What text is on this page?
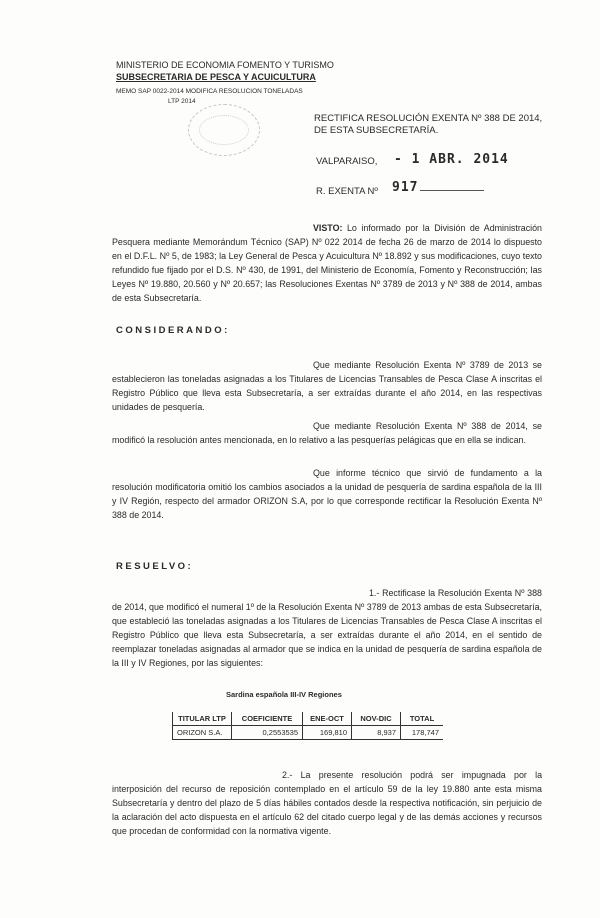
MINISTERIO DE ECONOMIA FOMENTO Y TURISMO
SUBSECRETARIA DE PESCA Y ACUICULTURA
MEMO SAP 0022-2014 MODIFICA RESOLUCION TONELADAS
LTP 2014
RECTIFICA RESOLUCIÓN EXENTA Nº 388 DE 2014, DE ESTA SUBSECRETARÍA.
VALPARAISO, - 1 ABR. 2014
R. EXENTA Nº 917
VISTO: Lo informado por la División de Administración Pesquera mediante Memorándum Técnico (SAP) Nº 022 2014 de fecha 26 de marzo de 2014 lo dispuesto en el D.F.L. Nº 5, de 1983; la Ley General de Pesca y Acuicultura Nº 18.892 y sus modificaciones, cuyo texto refundido fue fijado por el D.S. Nº 430, de 1991, del Ministerio de Economía, Fomento y Reconstrucción; las Leyes Nº 19.880, 20.560 y Nº 20.657; las Resoluciones Exentas Nº 3789 de 2013 y Nº 388 de 2014, ambas de esta Subsecretaría.
CONSIDERANDO:
Que mediante Resolución Exenta Nº 3789 de 2013 se establecieron las toneladas asignadas a los Titulares de Licencias Transables de Pesca Clase A inscritas el Registro Público que lleva esta Subsecretaría, a ser extraídas durante el año 2014, en las respectivas unidades de pesquería.
Que mediante Resolución Exenta Nº 388 de 2014, se modificó la resolución antes mencionada, en lo relativo a las pesquerías pelágicas que en ella se indican.
Que informe técnico que sirvió de fundamento a la resolución modificatoria omitió los cambios asociados a la unidad de pesquería de sardina española de la III y IV Región, respecto del armador ORIZON S.A, por lo que corresponde rectificar la Resolución Exenta Nº 388 de 2014.
RESUELVO:
1.- Rectificase la Resolución Exenta Nº 388 de 2014, que modificó el numeral 1º de la Resolución Exenta Nº 3789 de 2013 ambas de esta Subsecretaría, que estableció las toneladas asignadas a los Titulares de Licencias Transables de Pesca Clase A inscritas el Registro Público que lleva esta Subsecretaría, a ser extraídas durante el año 2014, en el sentido de reemplazar toneladas asignadas al armador que se indica en la unidad de pesquería de sardina española de la III y IV Regiones, por las siguientes:
Sardina española III-IV Regiones
TITULAR LTP	COEFICIENTE	ENE-OCT	NOV-DIC	TOTAL
ORIZON S.A.	0,2553535	169,810	8,937	178,747
2.- La presente resolución podrá ser impugnada por la interposición del recurso de reposición contemplado en el artículo 59 de la ley 19.880 ante esta misma Subsecretaría y dentro del plazo de 5 días hábiles contados desde la respectiva notificación, sin perjuicio de la aclaración del acto dispuesta en el artículo 62 del citado cuerpo legal y de las demás acciones y recursos que procedan de conformidad con la normativa vigente.
